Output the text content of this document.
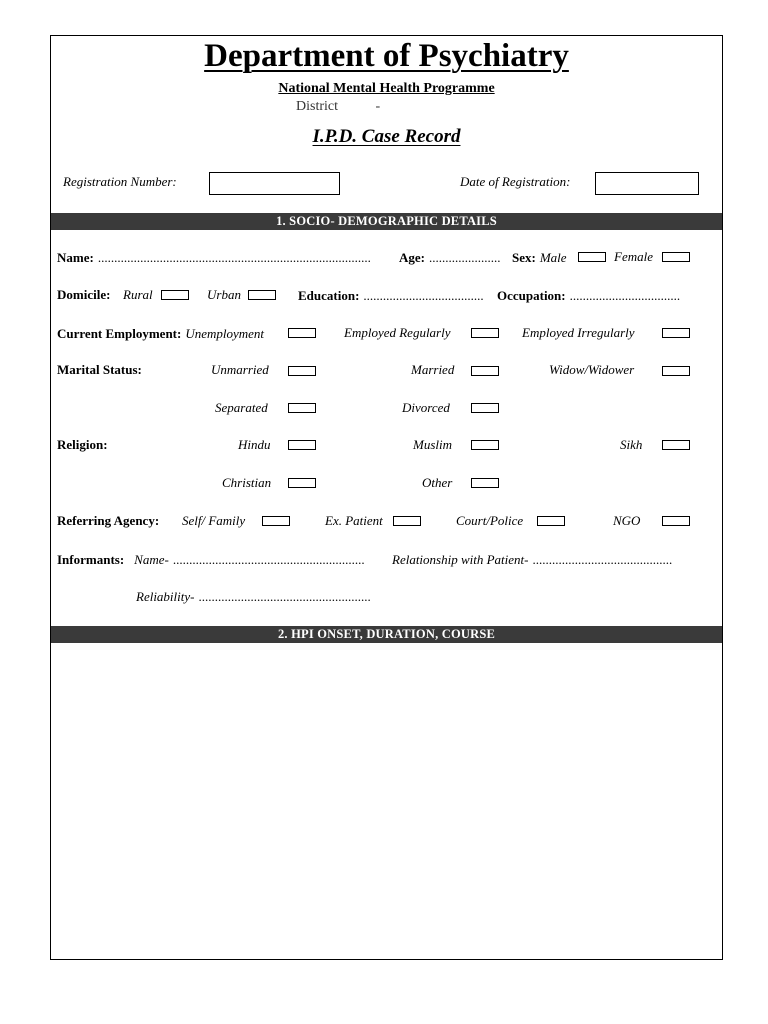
Department of Psychiatry
National Mental Health Programme
District	-
I.P.D. Case Record
Registration Number:	Date of Registration:
1. SOCIO- DEMOGRAPHIC DETAILS
Name: .................................................................................... Age: ...................... Sex: Male	Female
Domicile: Rural	Urban	Education: ..................................... Occupation: ..................................
Current Employment: Unemployment	Employed Regularly	Employed Irregularly
Marital Status:	Unmarried	Married	Widow/Widower
Separated	Divorced
Religion:	Hindu	Muslim	Sikh
Christian	Other
Referring Agency: Self/ Family	Ex. Patient	Court/Police	NGO
Informants: Name- ........................................................... Relationship with Patient- ...........................................
Reliability- .....................................................
2. HPI ONSET, DURATION, COURSE
